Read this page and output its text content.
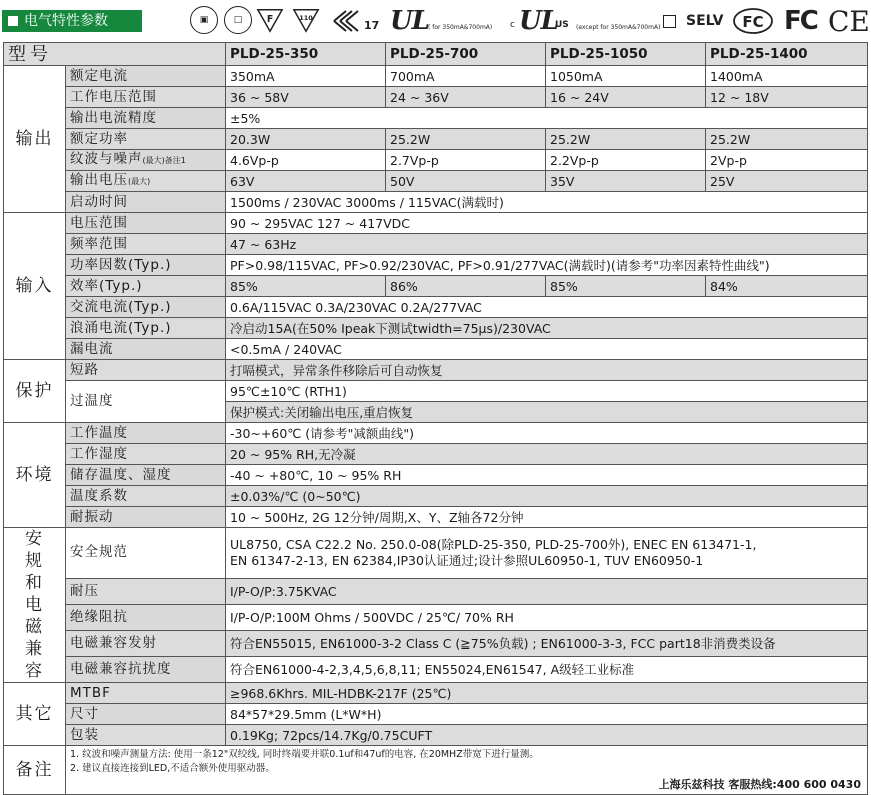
电气特性参数	▣	□	F	110
17 UL ( for 350mA&700mA) c UL
US (except for 350mA&700mA) SELV FC FC CE
型号		PLD-25-350	PLD-25-700	PLD-25-1050	PLD-25-1400
输出	额定电流	350mA	700mA	1050mA	1400mA
	工作电压范围	36 ~ 58V	24 ~ 36V	16 ~ 24V	12 ~ 18V
	输出电流精度	±5%			
	额定功率	20.3W	25.2W	25.2W	25.2W
	纹波与噪声(最大)备注1	4.6Vp-p	2.7Vp-p	2.2Vp-p	2Vp-p
	输出电压(最大)	63V	50V	35V	25V
	启动时间	1500ms / 230VAC 3000ms / 115VAC(满载时)			
输入	电压范围	90 ~ 295VAC 127 ~ 417VDC			
	频率范围	47 ~ 63Hz			
	功率因数(Typ.)	PF>0.98/115VAC, PF>0.92/230VAC, PF>0.91/277VAC(满载时)(请参考"功率因素特性曲线")			
	效率(Typ.)	85%	86%	85%	84%
	交流电流(Typ.)	0.6A/115VAC 0.3A/230VAC 0.2A/277VAC			
	浪涌电流(Typ.)	冷启动15A(在50% Ipeak下测试twidth=75µs)/230VAC			
	漏电流	<0.5mA / 240VAC			
保护	短路	打嗝模式，异常条件移除后可自动恢复			
	过温度	95℃±10℃ (RTH1)			
		保护模式:关闭输出电压,重启恢复			
环境	工作温度	-30~+60℃ (请参考"减额曲线")			
	工作湿度	20 ~ 95% RH,无冷凝			
	储存温度、湿度	-40 ~ +80℃, 10 ~ 95% RH			
	温度系数	±0.03%/℃ (0~50℃)			
	耐振动	10 ~ 500Hz, 2G 12分钟/周期,X、Y、Z轴各72分钟			
安规和电磁兼容	安全规范	UL8750, CSA C22.2 No. 250.0-08(除PLD-25-350, PLD-25-700外), ENEC EN 613471-1,
EN 61347-2-13, EN 62384,IP30认证通过;设计参照UL60950-1, TUV EN60950-1			

	耐压	I/P-O/P:3.75KVAC			
	绝缘阻抗	I/P-O/P:100M Ohms / 500VDC / 25℃/ 70% RH			
	电磁兼容发射	符合EN55015, EN61000-3-2 Class C (≧75%负载) ; EN61000-3-3, FCC part18非消费类设备			
	电磁兼容抗扰度	符合EN61000-4-2,3,4,5,6,8,11; EN55024,EN61547, A级轻工业标准			
其它	MTBF	≥968.6Khrs. MIL-HDBK-217F (25℃)			
	尺寸	84*57*29.5mm (L*W*H)			
	包装	0.19Kg; 72pcs/14.7Kg/0.75CUFT			
备注	1. 纹波和噪声测量方法: 使用一条12"双绞线, 同时终端要并联0.1uf和47uf的电容, 在20MHZ带宽下进行量测。
2. 建议直接连接到LED,不适合额外使用驱动器。
上海乐兹科技 客服热线:400 600 0430				
